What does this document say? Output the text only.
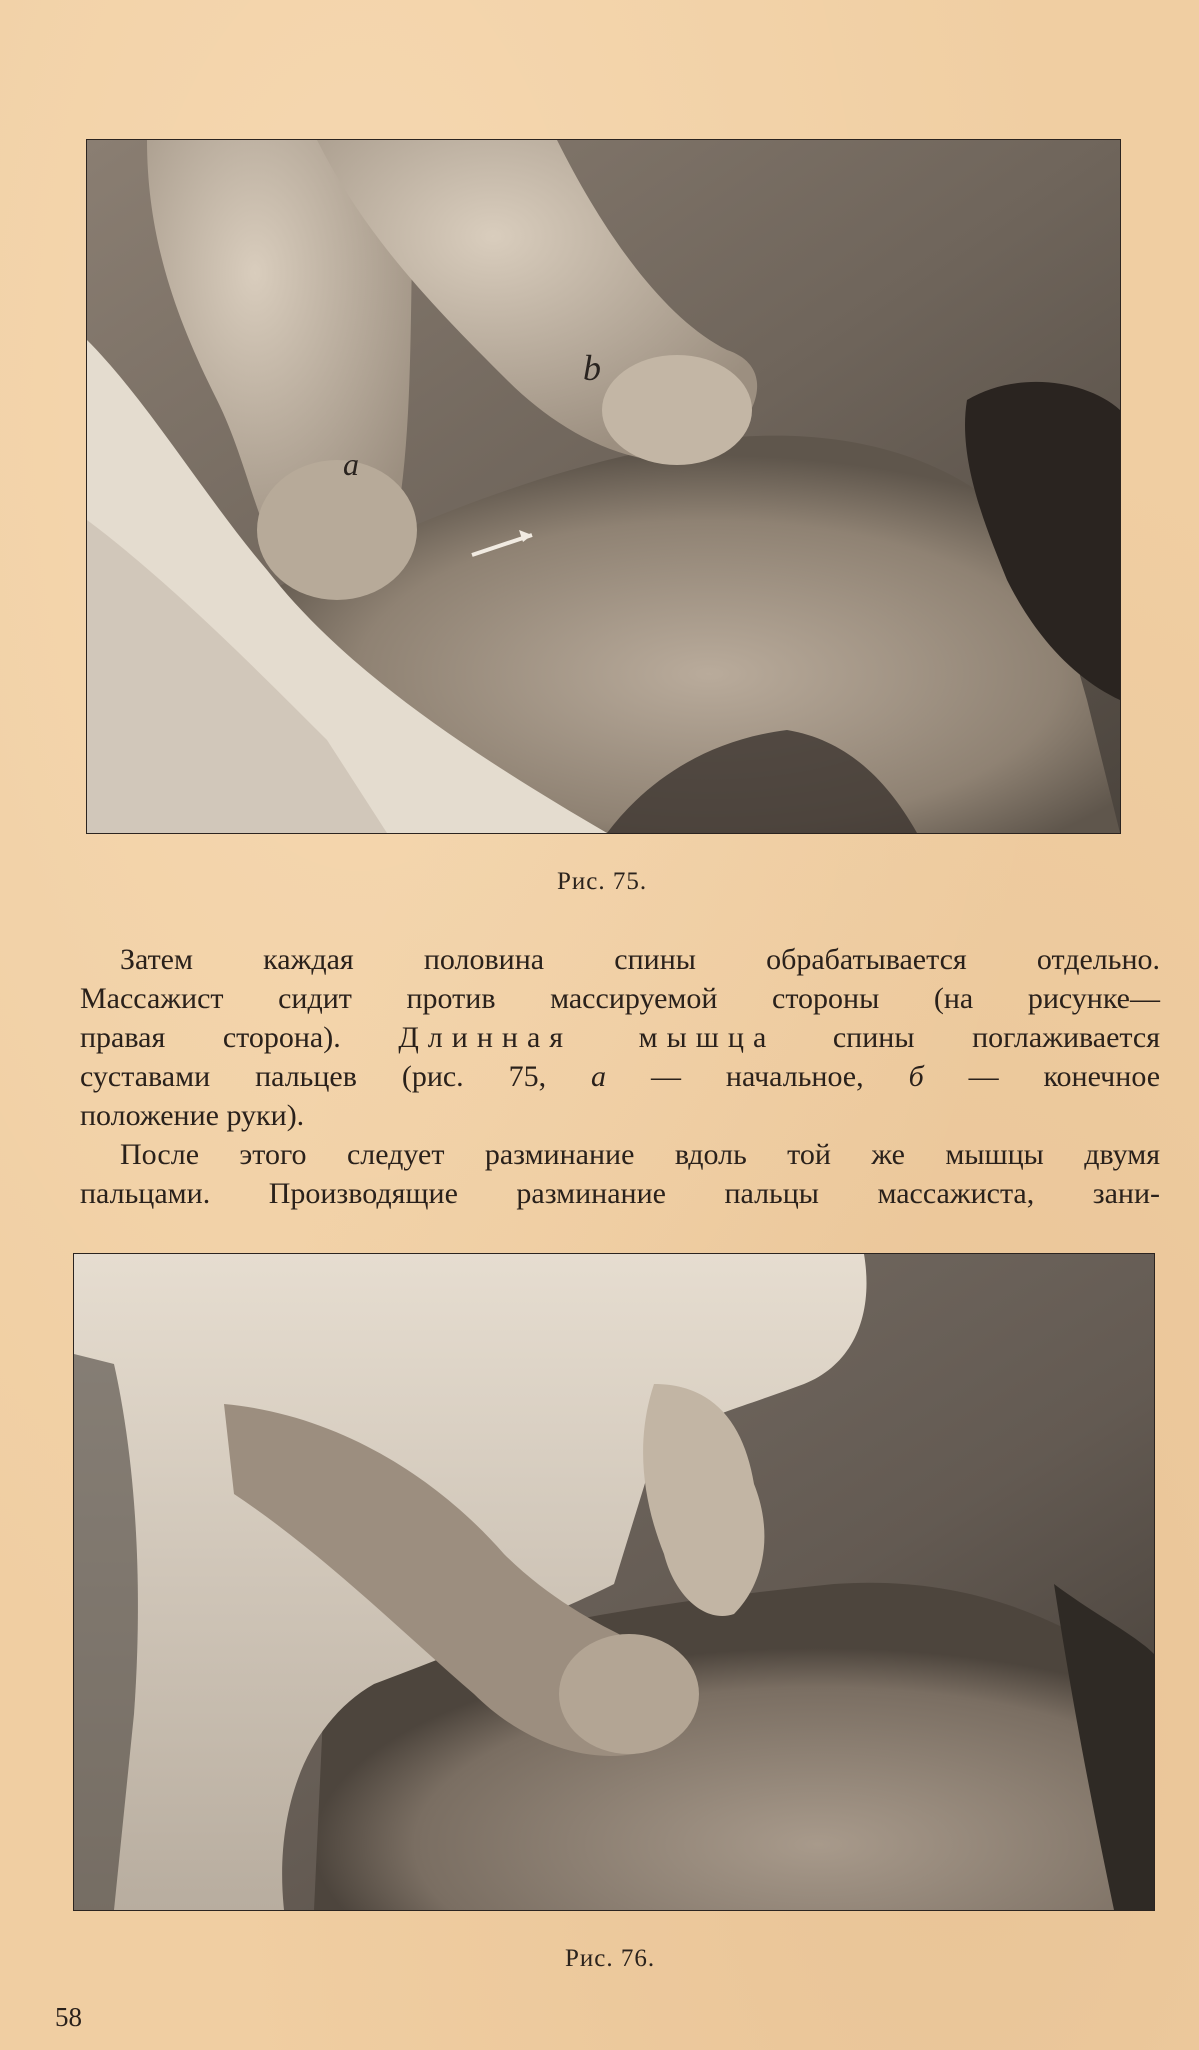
b
a
Рис. 75.

Затем каждая половина спины обрабатывается отдельно.
Массажист сидит против массируемой стороны (на рисунке—
правая сторона). Длинная мышца спины поглаживается
суставами пальцев (рис. 75, а — начальное, б — конечное
положение руки).

После этого следует разминание вдоль той же мышцы двумя
пальцами. Производящие разминание пальцы массажиста, зани-

Рис. 76.
58
